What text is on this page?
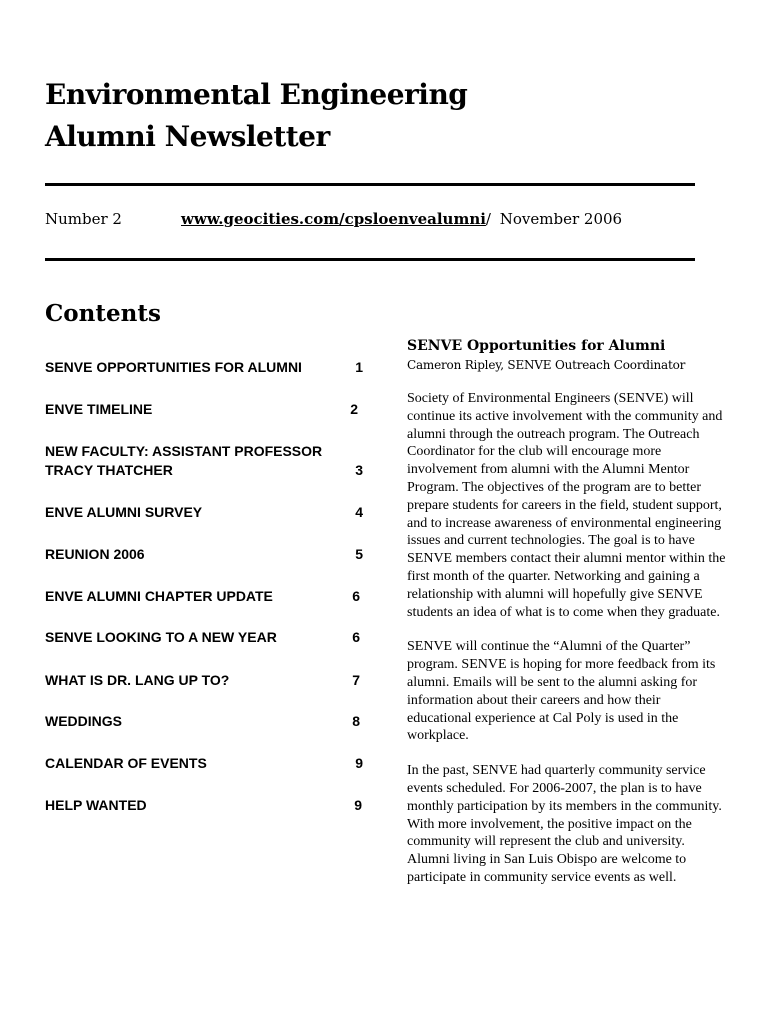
Environmental Engineering
Alumni Newsletter
Number 2	www.geocities.com/cpsloenvealumni/ November 2006
Contents
SENVE OPPORTUNITIES FOR ALUMNI	1
ENVE TIMELINE	2
NEW FACULTY: ASSISTANT PROFESSOR TRACY THATCHER	3
ENVE ALUMNI SURVEY	4
REUNION 2006	5
ENVE ALUMNI CHAPTER UPDATE	6
SENVE LOOKING TO A NEW YEAR	6
WHAT IS DR. LANG UP TO?	7
WEDDINGS	8
CALENDAR OF EVENTS	9
HELP WANTED	9
SENVE Opportunities for Alumni

Cameron Ripley, SENVE Outreach Coordinator

Society of Environmental Engineers (SENVE) will continue its active involvement with the community and alumni through the outreach program. The Outreach Coordinator for the club will encourage more involvement from alumni with the Alumni Mentor Program. The objectives of the program are to better prepare students for careers in the field, student support, and to increase awareness of environmental engineering issues and current technologies. The goal is to have SENVE members contact their alumni mentor within the first month of the quarter. Networking and gaining a relationship with alumni will hopefully give SENVE students an idea of what is to come when they graduate.

SENVE will continue the “Alumni of the Quarter” program. SENVE is hoping for more feedback from its alumni. Emails will be sent to the alumni asking for information about their careers and how their educational experience at Cal Poly is used in the workplace.

In the past, SENVE had quarterly community service events scheduled. For 2006-2007, the plan is to have monthly participation by its members in the community. With more involvement, the positive impact on the community will represent the club and university. Alumni living in San Luis Obispo are welcome to participate in community service events as well.
